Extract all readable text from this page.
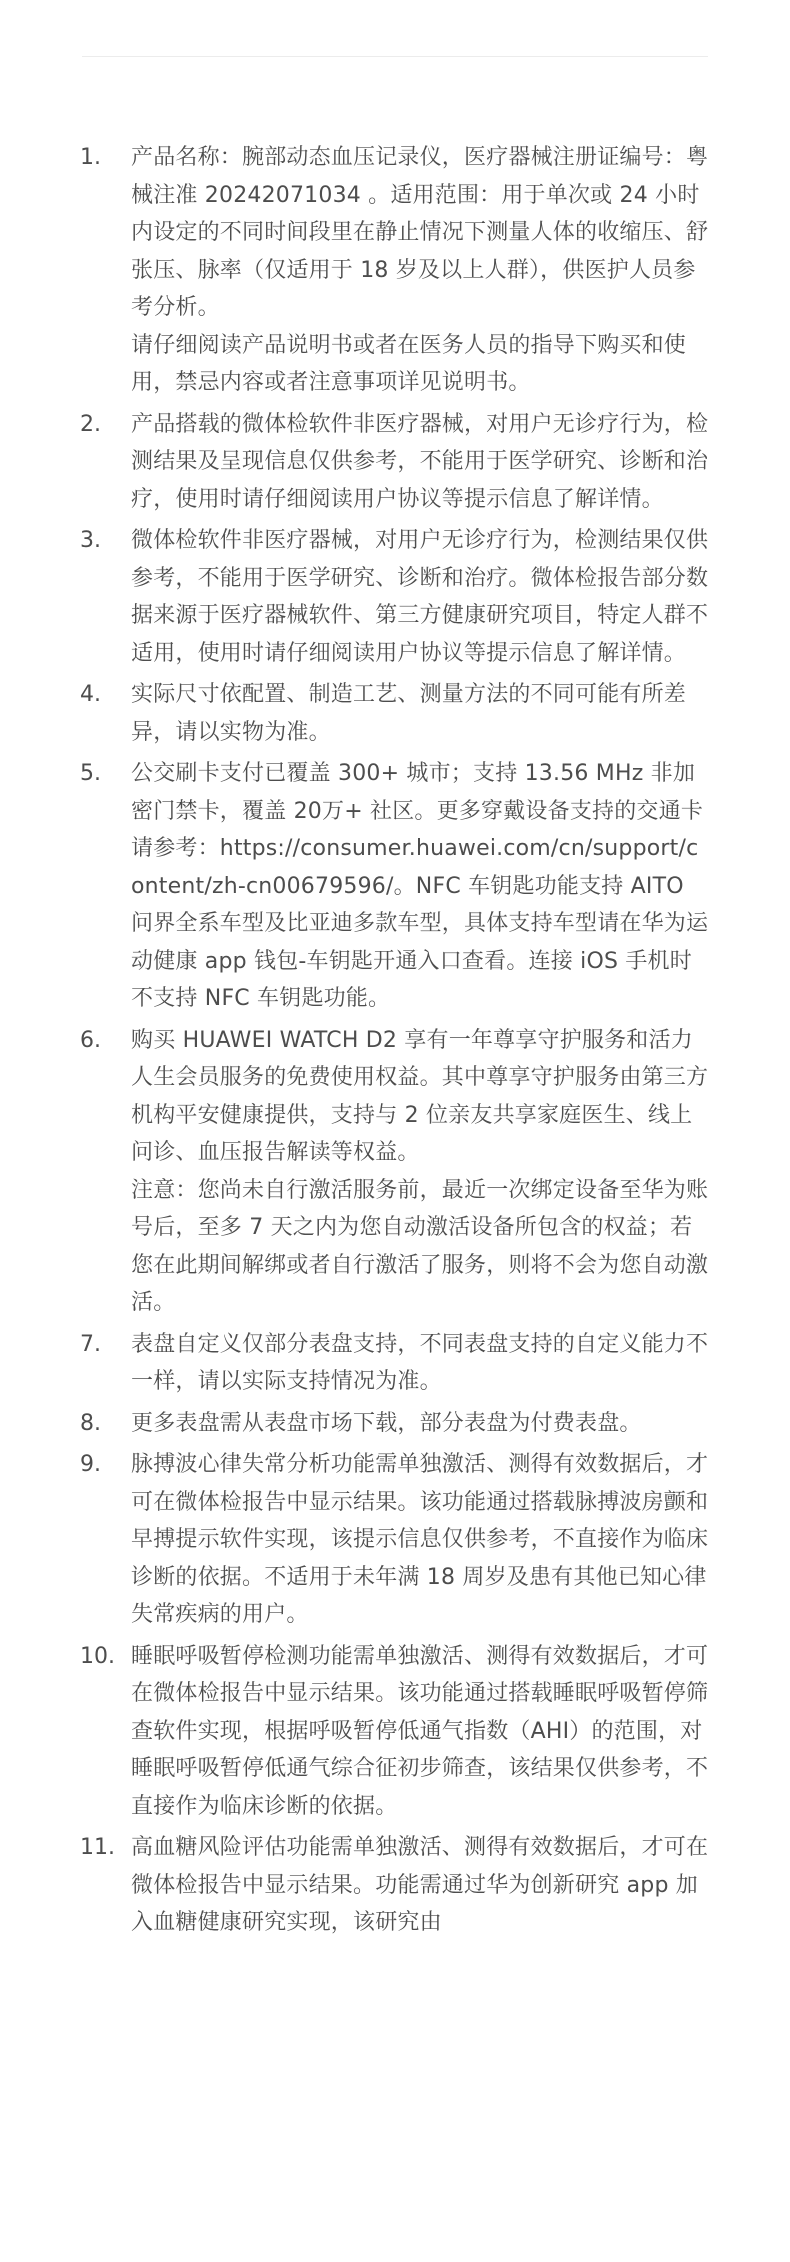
1. 产品名称：腕部动态血压记录仪，医疗器械注册证编号：粤械注准 20242071034 。适用范围：用于单次或 24 小时内设定的不同时间段里在静止情况下测量人体的收缩压、舒张压、脉率（仅适用于 18 岁及以上人群），供医护人员参考分析。

请仔细阅读产品说明书或者在医务人员的指导下购买和使用，禁忌内容或者注意事项详见说明书。

2. 产品搭载的微体检软件非医疗器械，对用户无诊疗行为，检测结果及呈现信息仅供参考，不能用于医学研究、诊断和治疗，使用时请仔细阅读用户协议等提示信息了解详情。

3. 微体检软件非医疗器械，对用户无诊疗行为，检测结果仅供参考，不能用于医学研究、诊断和治疗。微体检报告部分数据来源于医疗器械软件、第三方健康研究项目，特定人群不适用，使用时请仔细阅读用户协议等提示信息了解详情。

4. 实际尺寸依配置、制造工艺、测量方法的不同可能有所差异，请以实物为准。

5. 公交刷卡支付已覆盖 300+ 城市；支持 13.56 MHz 非加密门禁卡，覆盖 20万+ 社区。更多穿戴设备支持的交通卡请参考：https://consumer.huawei.com/cn/support/content/zh-cn00679596/。NFC 车钥匙功能支持 AITO 问界全系车型及比亚迪多款车型，具体支持车型请在华为运动健康 app 钱包-车钥匙开通入口查看。连接 iOS 手机时不支持 NFC 车钥匙功能。

6. 购买 HUAWEI WATCH D2 享有一年尊享守护服务和活力人生会员服务的免费使用权益。其中尊享守护服务由第三方机构平安健康提供，支持与 2 位亲友共享家庭医生、线上问诊、血压报告解读等权益。

注意：您尚未自行激活服务前，最近一次绑定设备至华为账号后，至多 7 天之内为您自动激活设备所包含的权益；若您在此期间解绑或者自行激活了服务，则将不会为您自动激活。

7. 表盘自定义仅部分表盘支持，不同表盘支持的自定义能力不一样，请以实际支持情况为准。

8. 更多表盘需从表盘市场下载，部分表盘为付费表盘。

9. 脉搏波心律失常分析功能需单独激活、测得有效数据后，才可在微体检报告中显示结果。该功能通过搭载脉搏波房颤和早搏提示软件实现，该提示信息仅供参考，不直接作为临床诊断的依据。不适用于未年满 18 周岁及患有其他已知心律失常疾病的用户。

10. 睡眠呼吸暂停检测功能需单独激活、测得有效数据后，才可在微体检报告中显示结果。该功能通过搭载睡眠呼吸暂停筛查软件实现，根据呼吸暂停低通气指数（AHI）的范围，对睡眠呼吸暂停低通气综合征初步筛查，该结果仅供参考，不直接作为临床诊断的依据。

11. 高血糖风险评估功能需单独激活、测得有效数据后，才可在微体检报告中显示结果。功能需通过华为创新研究 app 加入血糖健康研究实现，该研究由
